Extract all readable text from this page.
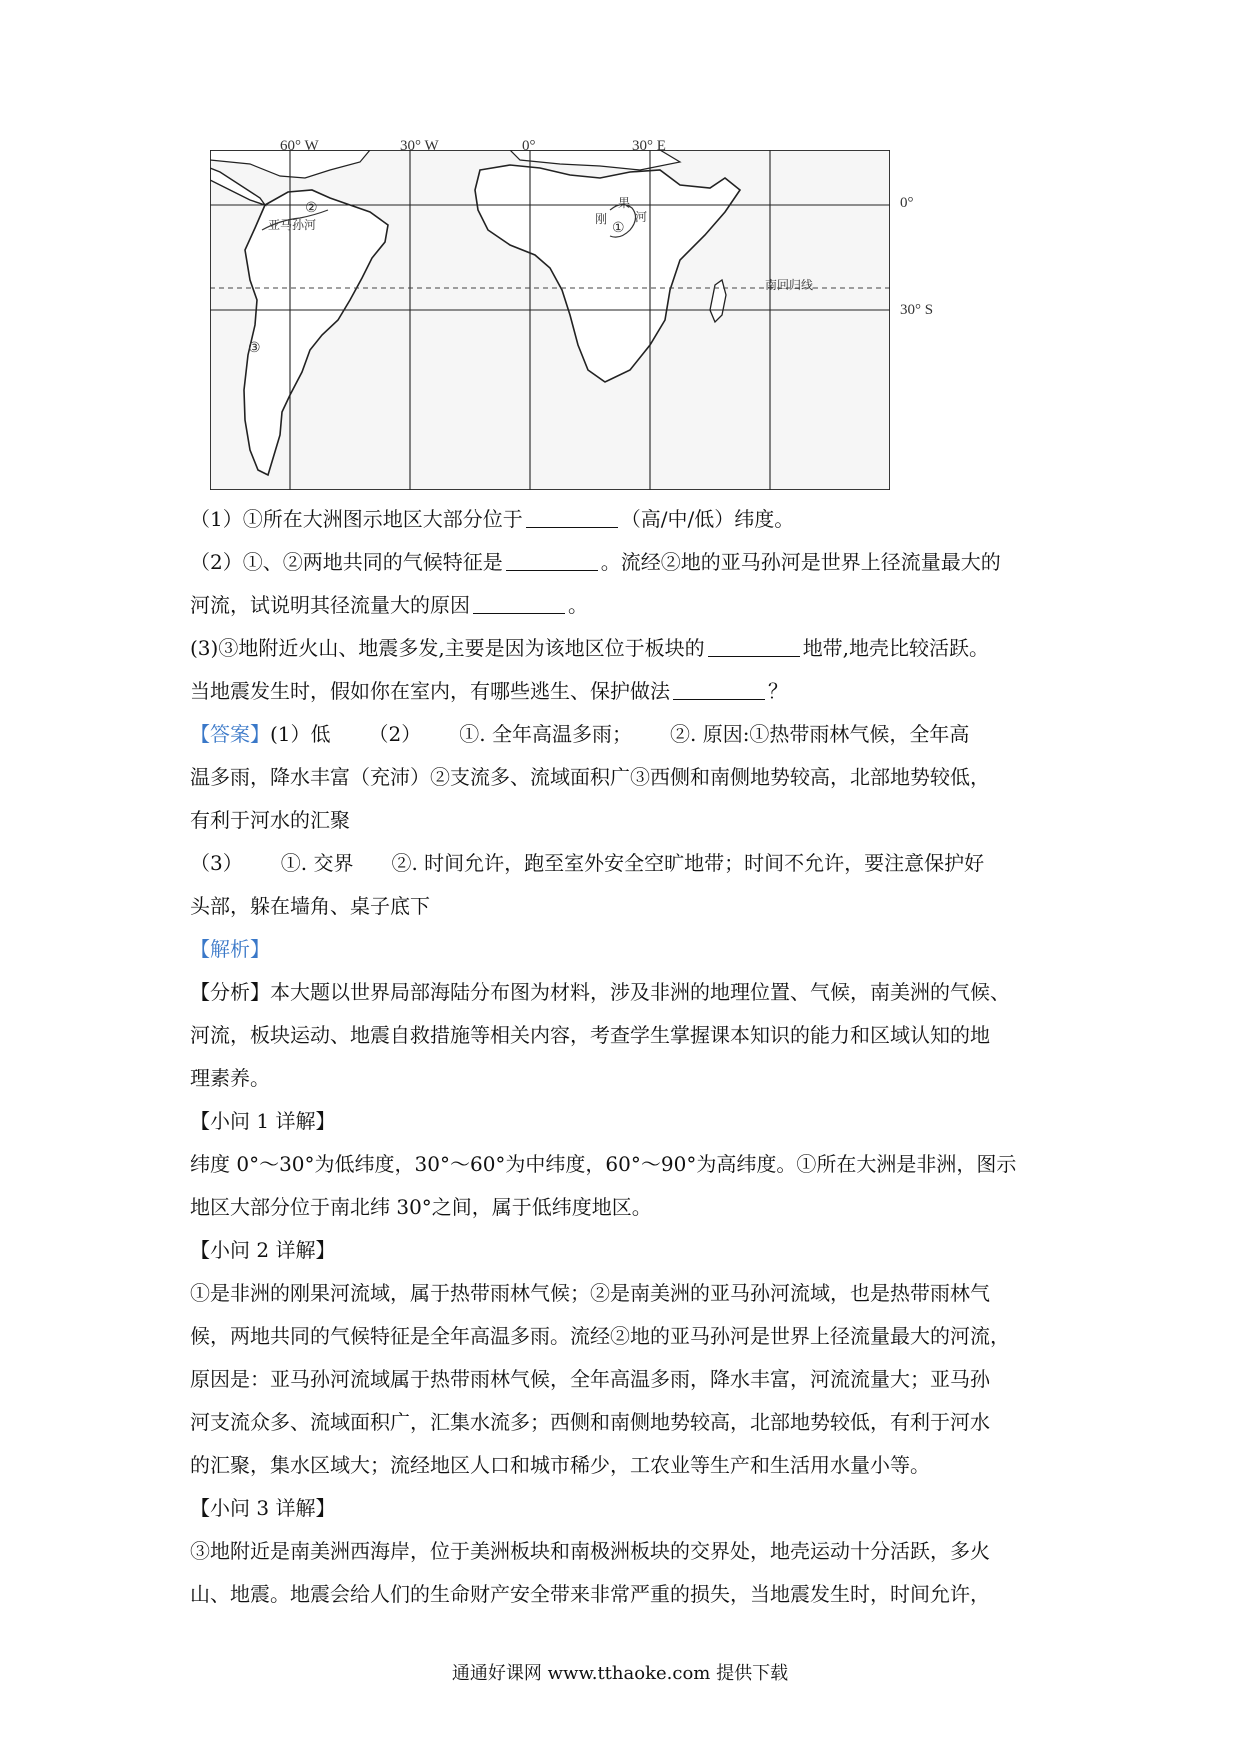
60° W	30° W	0°	30° E
0°
30° S
南回归线
亚马孙河	刚
果
河
①
②
③
（1）①所在大洲图示地区大部分位于	（高/中/低）纬度。
（2）①、②两地共同的气候特征是	。流经②地的亚马孙河是世界上径流量最大的
河流，试说明其径流量大的原因	。
(3)③地附近火山、地震多发,主要是因为该地区位于板块的	地带,地壳比较活跃。
当地震发生时，假如你在室内，有哪些逃生、保护做法	？
【答案】(1）低 （2） ①. 全年高温多雨； ②. 原因:①热带雨林气候，全年高
温多雨，降水丰富（充沛）②支流多、流域面积广③西侧和南侧地势较高，北部地势较低，
有利于河水的汇聚
（3） ①. 交界 ②. 时间允许，跑至室外安全空旷地带；时间不允许，要注意保护好
头部，躲在墙角、桌子底下
【解析】
【分析】本大题以世界局部海陆分布图为材料，涉及非洲的地理位置、气候，南美洲的气候、
河流，板块运动、地震自救措施等相关内容，考查学生掌握课本知识的能力和区域认知的地
理素养。
【小问 1 详解】
纬度 0°～30°为低纬度，30°～60°为中纬度，60°～90°为高纬度。①所在大洲是非洲，图示
地区大部分位于南北纬 30°之间，属于低纬度地区。
【小问 2 详解】
①是非洲的刚果河流域，属于热带雨林气候；②是南美洲的亚马孙河流域，也是热带雨林气
候，两地共同的气候特征是全年高温多雨。流经②地的亚马孙河是世界上径流量最大的河流，
原因是：亚马孙河流域属于热带雨林气候，全年高温多雨，降水丰富，河流流量大；亚马孙
河支流众多、流域面积广，汇集水流多；西侧和南侧地势较高，北部地势较低，有利于河水
的汇聚，集水区域大；流经地区人口和城市稀少，工农业等生产和生活用水量小等。
【小问 3 详解】
③地附近是南美洲西海岸，位于美洲板块和南极洲板块的交界处，地壳运动十分活跃，多火
山、地震。地震会给人们的生命财产安全带来非常严重的损失，当地震发生时，时间允许，
通通好课网 www.tthaoke.com 提供下载
